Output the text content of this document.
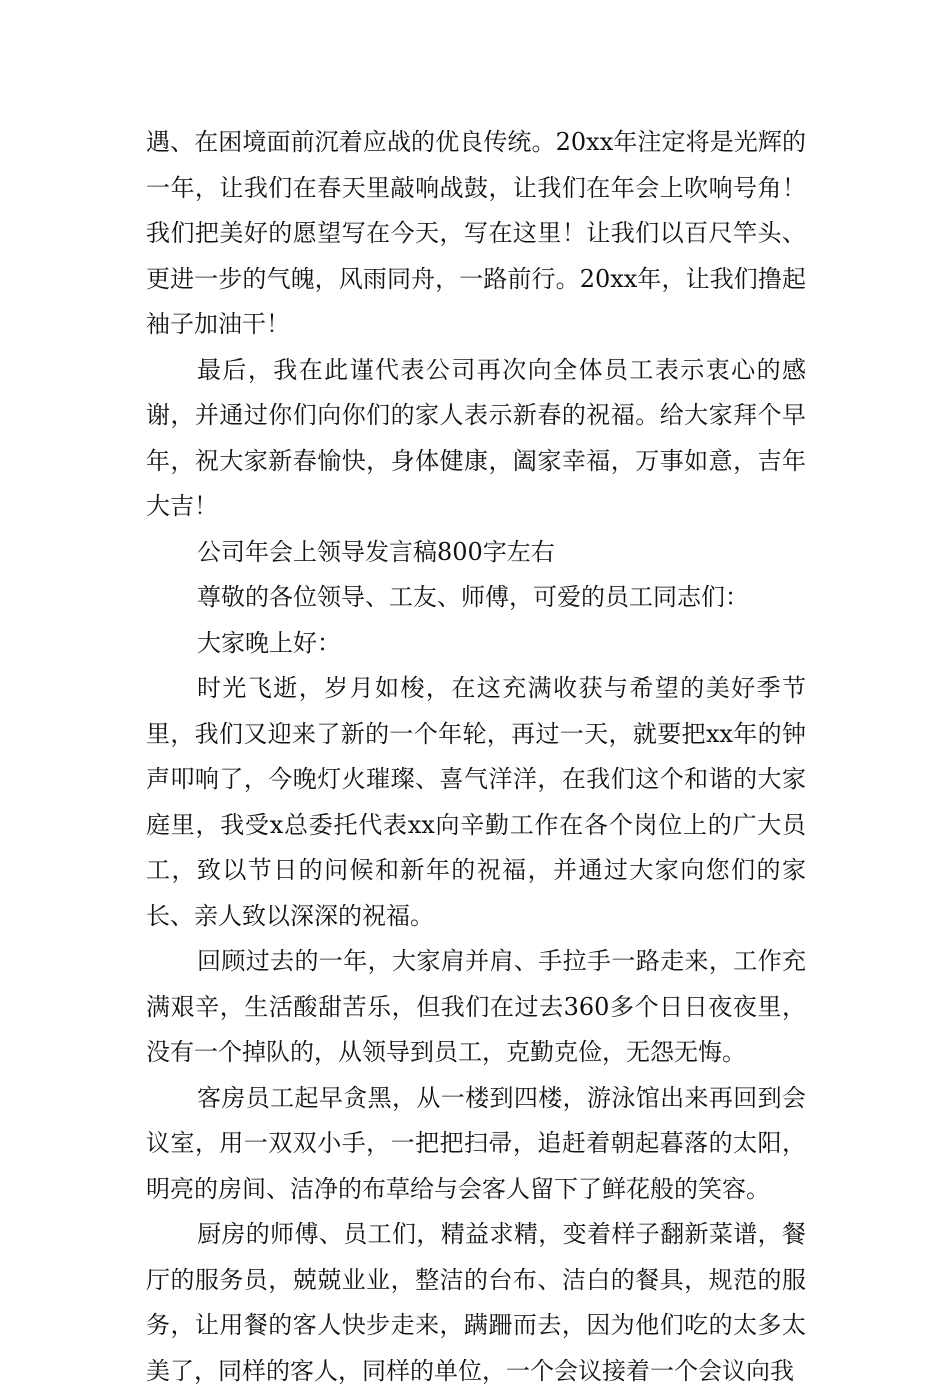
遇、在困境面前沉着应战的优良传统。20xx年注定将是光辉的一年，让我们在春天里敲响战鼓，让我们在年会上吹响号角！我们把美好的愿望写在今天，写在这里！让我们以百尺竿头、更进一步的气魄，风雨同舟，一路前行。20xx年，让我们撸起袖子加油干！

最后，我在此谨代表公司再次向全体员工表示衷心的感谢，并通过你们向你们的家人表示新春的祝福。给大家拜个早年，祝大家新春愉快，身体健康，阖家幸福，万事如意，吉年大吉！

公司年会上领导发言稿800字左右

尊敬的各位领导、工友、师傅，可爱的员工同志们：

大家晚上好：

时光飞逝，岁月如梭，在这充满收获与希望的美好季节里，我们又迎来了新的一个年轮，再过一天，就要把xx年的钟声叩响了，今晚灯火璀璨、喜气洋洋，在我们这个和谐的大家庭里，我受x总委托代表xx向辛勤工作在各个岗位上的广大员工，致以节日的问候和新年的祝福，并通过大家向您们的家长、亲人致以深深的祝福。

回顾过去的一年，大家肩并肩、手拉手一路走来，工作充满艰辛，生活酸甜苦乐，但我们在过去360多个日日夜夜里，没有一个掉队的，从领导到员工，克勤克俭，无怨无悔。

客房员工起早贪黑，从一楼到四楼，游泳馆出来再回到会议室，用一双双小手，一把把扫帚，追赶着朝起暮落的太阳，明亮的房间、洁净的布草给与会客人留下了鲜花般的笑容。

厨房的师傅、员工们，精益求精，变着样子翻新菜谱，餐厅的服务员，兢兢业业，整洁的台布、洁白的餐具，规范的服务，让用餐的客人快步走来，蹒跚而去，因为他们吃的太多太美了，同样的客人，同样的单位，一个会议接着一个会议向我
